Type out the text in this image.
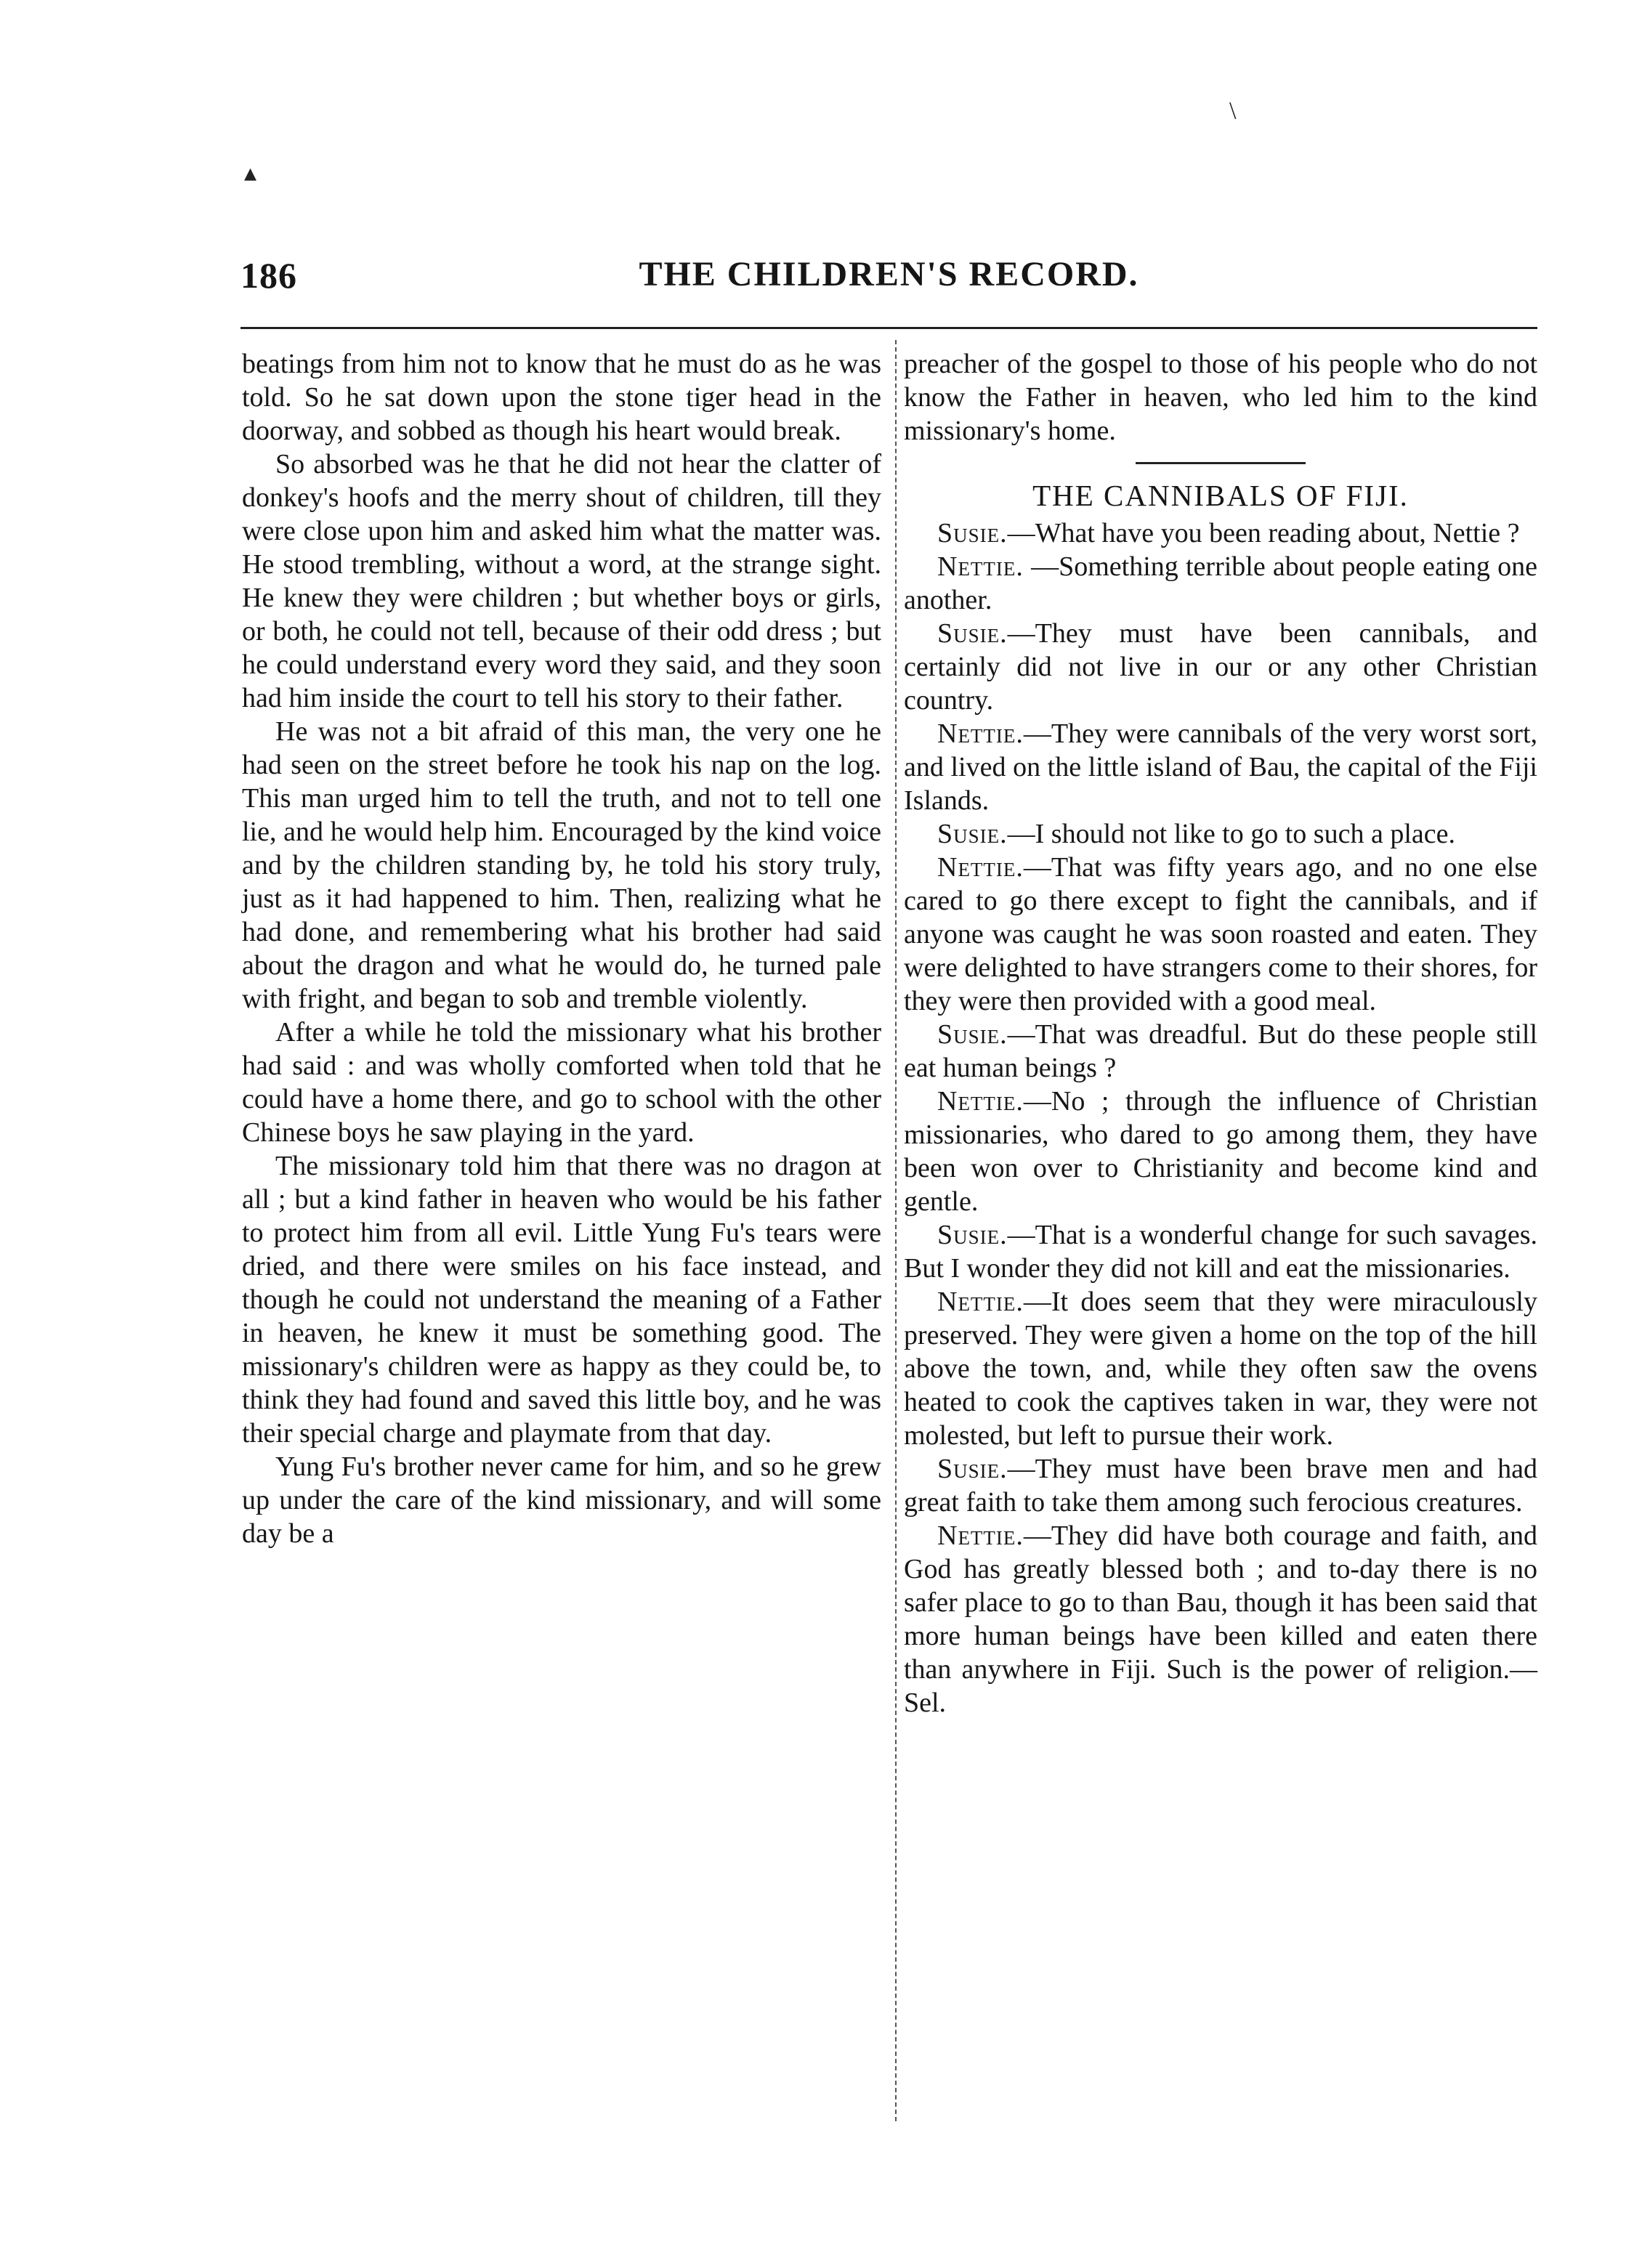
\
▴
186	THE CHILDREN'S RECORD.

beatings from him not to know that he must do as he was told. So he sat down upon the stone tiger head in the doorway, and sobbed as though his heart would break.

So absorbed was he that he did not hear the clatter of donkey's hoofs and the merry shout of children, till they were close upon him and asked him what the matter was. He stood trembling, without a word, at the strange sight. He knew they were children ; but whether boys or girls, or both, he could not tell, because of their odd dress ; but he could understand every word they said, and they soon had him inside the court to tell his story to their father.

He was not a bit afraid of this man, the very one he had seen on the street before he took his nap on the log. This man urged him to tell the truth, and not to tell one lie, and he would help him. Encouraged by the kind voice and by the children standing by, he told his story truly, just as it had happened to him. Then, realizing what he had done, and remembering what his brother had said about the dragon and what he would do, he turned pale with fright, and began to sob and tremble violently.

After a while he told the missionary what his brother had said : and was wholly comforted when told that he could have a home there, and go to school with the other Chinese boys he saw playing in the yard.

The missionary told him that there was no dragon at all ; but a kind father in heaven who would be his father to protect him from all evil. Little Yung Fu's tears were dried, and there were smiles on his face instead, and though he could not understand the meaning of a Father in heaven, he knew it must be something good. The missionary's children were as happy as they could be, to think they had found and saved this little boy, and he was their special charge and playmate from that day.

Yung Fu's brother never came for him, and so he grew up under the care of the kind missionary, and will some day be a

preacher of the gospel to those of his people who do not know the Father in heaven, who led him to the kind missionary's home.

THE CANNIBALS OF FIJI.

Susie.—What have you been reading about, Nettie ?

Nettie. —Something terrible about people eating one another.

Susie.—They must have been cannibals, and certainly did not live in our or any other Christian country.

Nettie.—They were cannibals of the very worst sort, and lived on the little island of Bau, the capital of the Fiji Islands.

Susie.—I should not like to go to such a place.

Nettie.—That was fifty years ago, and no one else cared to go there except to fight the cannibals, and if anyone was caught he was soon roasted and eaten. They were delighted to have strangers come to their shores, for they were then provided with a good meal.

Susie.—That was dreadful. But do these people still eat human beings ?

Nettie.—No ; through the influence of Christian missionaries, who dared to go among them, they have been won over to Christianity and become kind and gentle.

Susie.—That is a wonderful change for such savages. But I wonder they did not kill and eat the missionaries.

Nettie.—It does seem that they were miraculously preserved. They were given a home on the top of the hill above the town, and, while they often saw the ovens heated to cook the captives taken in war, they were not molested, but left to pursue their work.

Susie.—They must have been brave men and had great faith to take them among such ferocious creatures.

Nettie.—They did have both courage and faith, and God has greatly blessed both ; and to-day there is no safer place to go to than Bau, though it has been said that more human beings have been killed and eaten there than anywhere in Fiji. Such is the power of religion.—Sel.
